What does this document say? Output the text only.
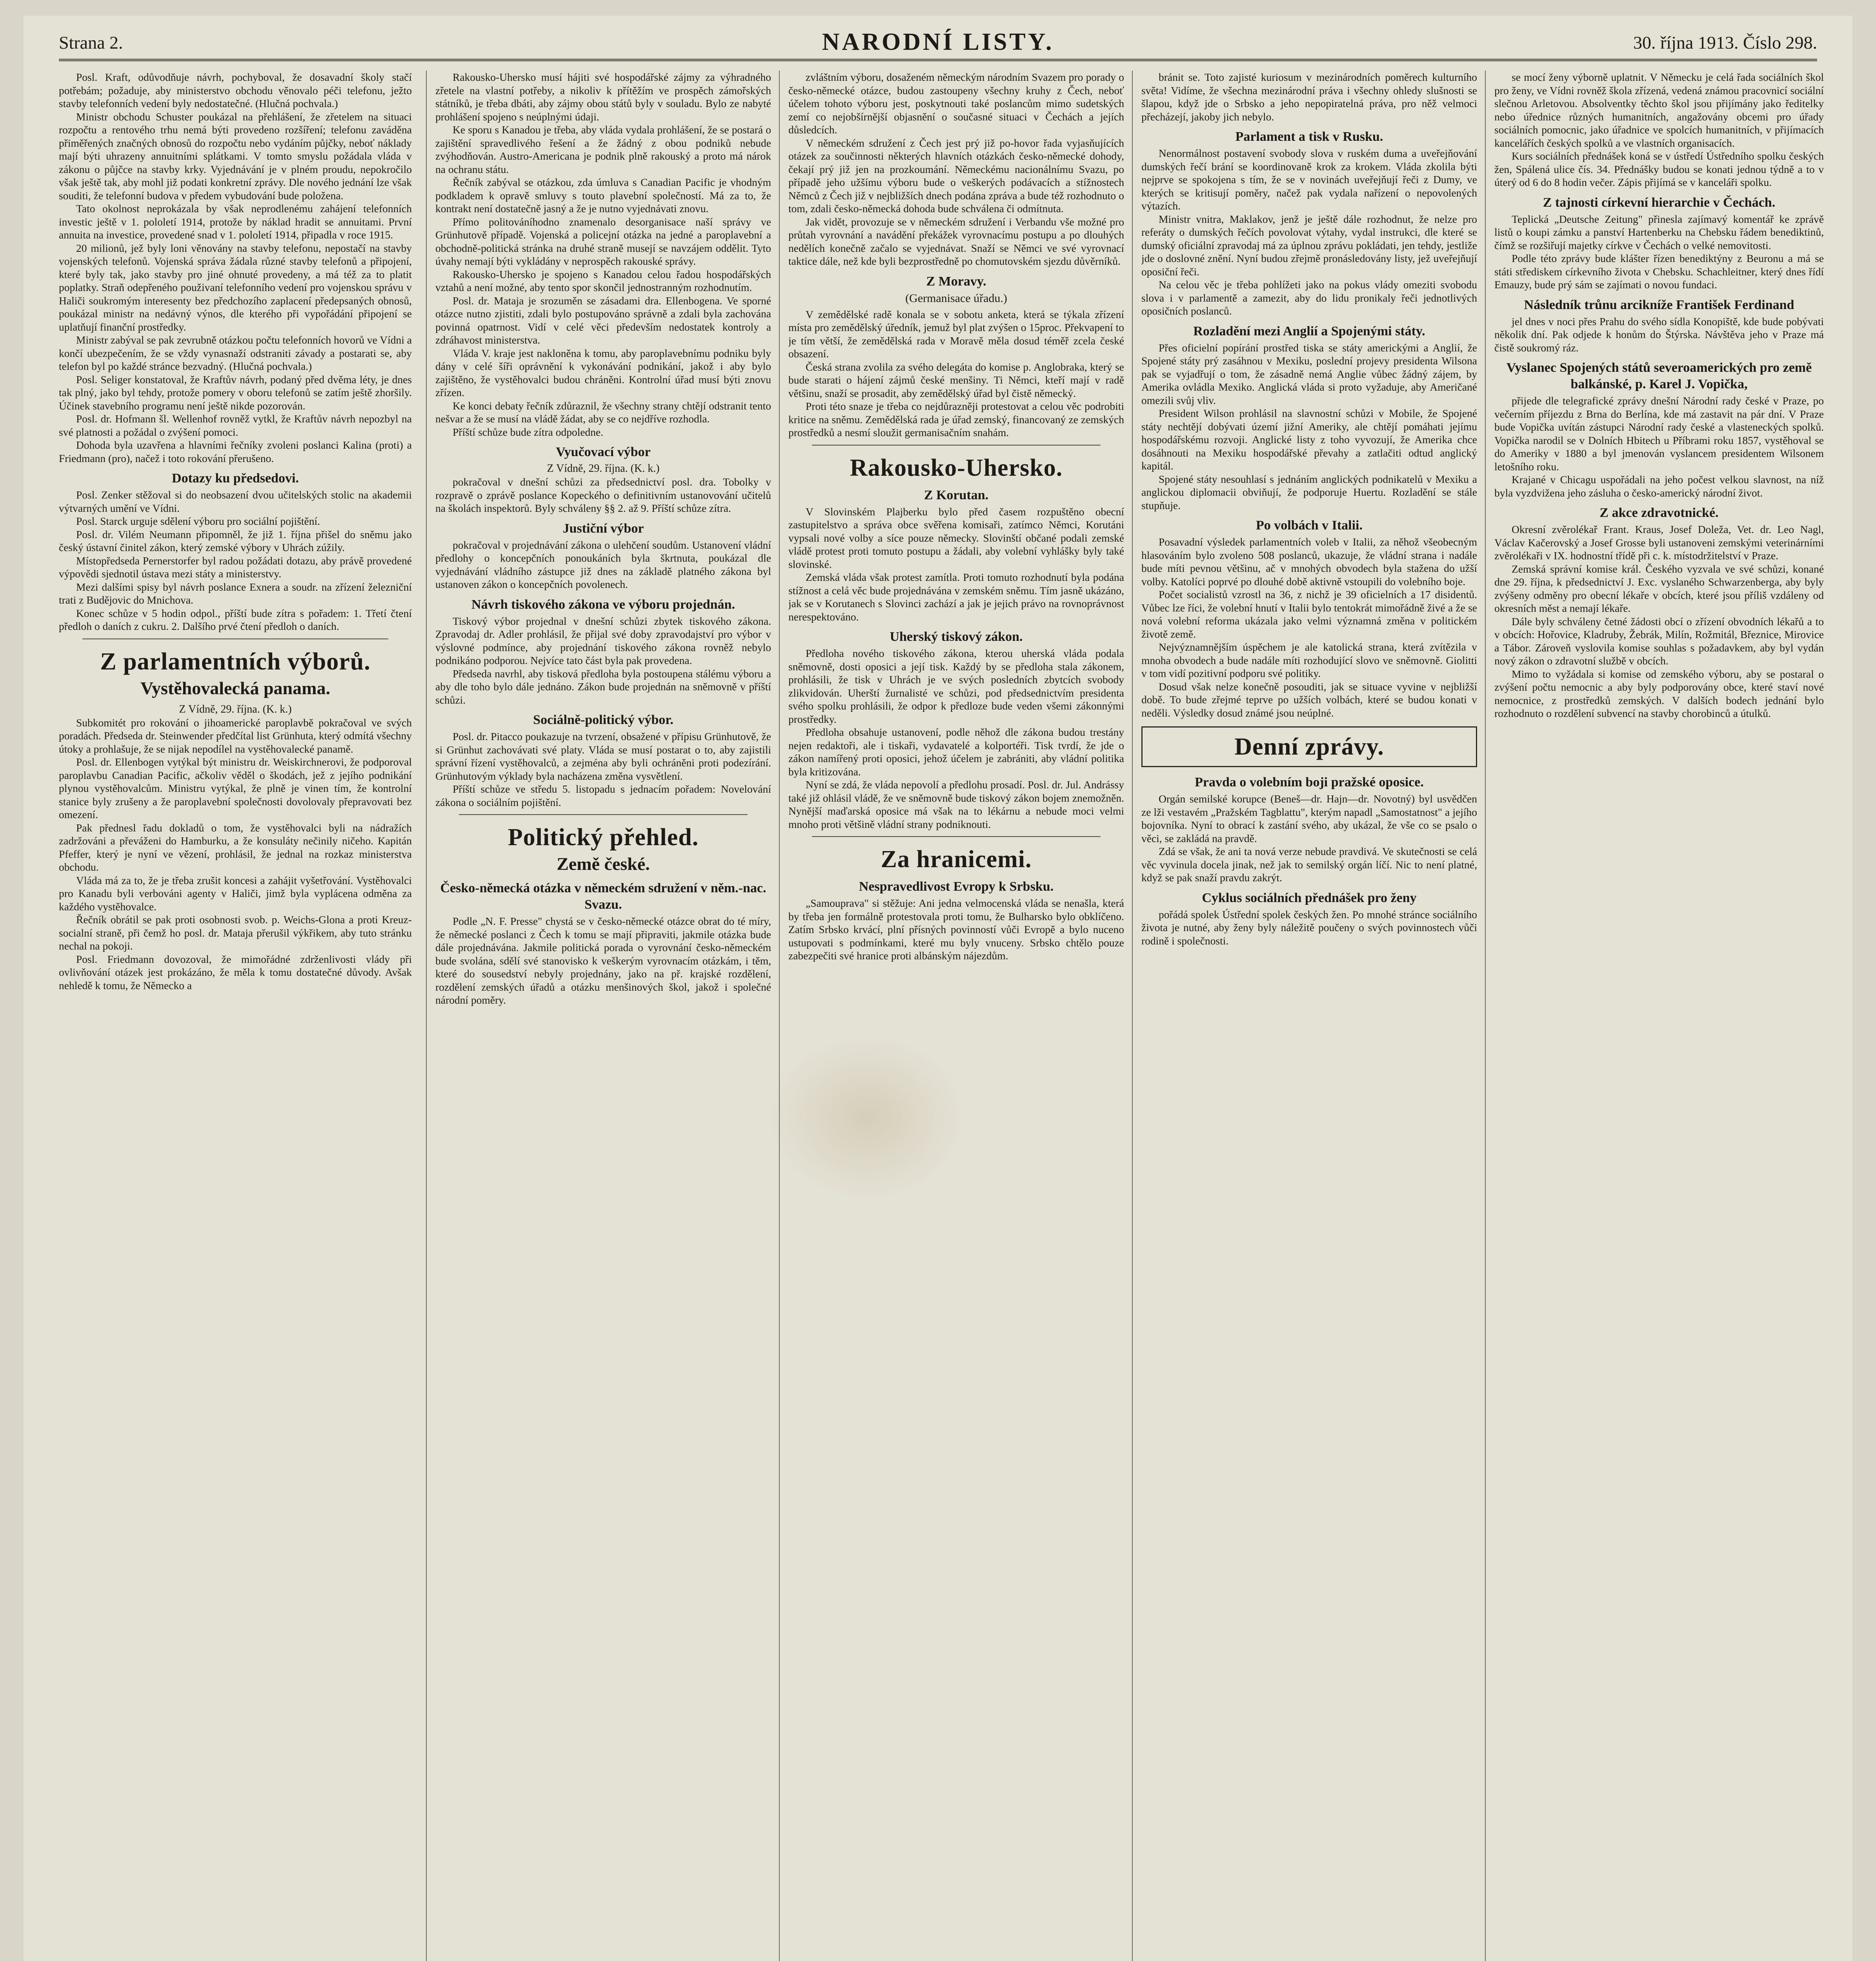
Strana 2.	NARODNÍ LISTY.	30. října 1913. Číslo 298.

Posl. Kraft, odůvodňuje návrh, pochyboval, že dosavadní školy stačí potřebám; požaduje, aby ministerstvo obchodu věnovalo péči telefonu, ježto stavby telefonních vedení byly nedostatečné. (Hlučná pochvala.)

Ministr obchodu Schuster poukázal na přehlášení, že zřetelem na situaci rozpočtu a rentového trhu nemá býti provedeno rozšíření; telefonu zaváděna přiměřených značných obnosů do rozpočtu nebo vydáním půjčky, neboť náklady mají býti uhrazeny annuitními splátkami. V tomto smyslu požádala vláda v zákonu o půjčce na stavby krky. Vyjednávání je v plném proudu, nepokročilo však ještě tak, aby mohl již podati konkretní zprávy. Dle nového jednání lze však souditi, že telefonní budova v předem vybudování bude položena.

Tato okolnost neprokázala by však neprodlenému zahájení telefonních investic ještě v 1. pololetí 1914, protože by náklad hradit se annuitami. První annuita na investice, provedené snad v 1. pololetí 1914, připadla v roce 1915.

20 milionů, jež byly loni věnovány na stavby telefonu, nepostačí na stavby vojenských telefonů. Vojenská správa žádala různé stavby telefonů a připojení, které byly tak, jako stavby pro jiné ohnuté provedeny, a má též za to platit poplatky. Straň odepřeného použivaní telefonního vedení pro vojenskou správu v Haliči soukromým interesenty bez předchozího zaplacení předepsaných obnosů, poukázal ministr na nedávný výnos, dle kterého při vypořádání připojení se uplatňují finanční prostředky.

Ministr zabýval se pak zevrubně otázkou počtu telefonních hovorů ve Vídni a končí ubezpečením, že se vždy vynasnaží odstraniti závady a postarati se, aby telefon byl po každé stránce bezvadný. (Hlučná pochvala.)

Posl. Seliger konstatoval, že Kraftův návrh, podaný před dvěma léty, je dnes tak plný, jako byl tehdy, protože pomery v oboru telefonů se zatím ještě zhoršily. Účinek stavebního programu není ještě nikde pozorován.

Posl. dr. Hofmann šl. Wellenhof rovněž vytkl, že Kraftův návrh nepozbyl na své platnosti a požádal o zvýšení pomoci.

Dohoda byla uzavřena a hlavními řečníky zvoleni poslanci Kalina (proti) a Friedmann (pro), načež i toto rokování přerušeno.

Dotazy ku předsedovi.

Posl. Zenker stěžoval si do neobsazení dvou učitelských stolic na akademii výtvarných umění ve Vídni.

Posl. Starck urguje sdělení výboru pro sociální pojištění.

Posl. dr. Vilém Neumann připomněl, že již 1. října přišel do sněmu jako český ústavní činitel zákon, který zemské výbory v Uhrách zúžily.

Místopředseda Pernerstorfer byl radou požádati dotazu, aby právě provedené výpovědi sjednotil ústava mezi státy a ministerstvy.

Mezi dalšími spisy byl návrh poslance Exnera a soudr. na zřízení železniční trati z Budějovic do Mnichova.

Konec schůze v 5 hodin odpol., příští bude zítra s pořadem: 1. Třetí čtení předloh o daních z cukru. 2. Dalšího prvé čtení předloh o daních.

Z parlamentních výborů.
Vystěhovalecká panama.
Z Vídně, 29. října. (K. k.)

Subkomitét pro rokování o jihoamerické paroplavbě pokračoval ve svých poradách. Předseda dr. Steinwender předčítal list Grünhuta, který odmítá všechny útoky a prohlašuje, že se nijak nepodílel na vystěhovalecké panamě.

Posl. dr. Ellenbogen vytýkal být ministru dr. Weiskirchnerovi, že podporoval paroplavbu Canadian Pacific, ačkoliv věděl o škodách, jež z jejího podnikání plynou vystěhovalcům. Ministru vytýkal, že plně je vinen tím, že kontrolní stanice byly zrušeny a že paroplavební společnosti dovolovaly přepravovati bez omezení.

Pak přednesl řadu dokladů o tom, že vystěhovalci byli na nádražích zadržováni a převáženi do Hamburku, a že konsuláty nečinily ničeho. Kapitán Pfeffer, který je nyní ve vězení, prohlásil, že jednal na rozkaz ministerstva obchodu.

Vláda má za to, že je třeba zrušit koncesi a zahájit vyšetřování. Vystěhovalci pro Kanadu byli verbováni agenty v Haliči, jimž byla vyplácena odměna za každého vystěhovalce.

Řečník obrátil se pak proti osobnosti svob. p. Weichs-Glona a proti Kreuz-socialní straně, při čemž ho posl. dr. Mataja přerušil výkřikem, aby tuto stránku nechal na pokoji.

Posl. Friedmann dovozoval, že mimořádné zdrženlivosti vlády při ovlivňování otázek jest prokázáno, že měla k tomu dostatečné důvody. Avšak nehledě k tomu, že Německo a

Rakousko-Uhersko musí hájiti své hospodářské zájmy za výhradného zřetele na vlastní potřeby, a nikoliv k přítěžím ve prospěch zámořských státníků, je třeba dbáti, aby zájmy obou států byly v souladu. Bylo ze nabyté prohlášení spojeno s neúplnými údaji.

Ke sporu s Kanadou je třeba, aby vláda vydala prohlášení, že se postará o zajištění spravedlivého řešení a že žádný z obou podniků nebude zvýhodňován. Austro-Americana je podnik plně rakouský a proto má nárok na ochranu státu.

Řečník zabýval se otázkou, zda úmluva s Canadian Pacific je vhodným podkladem k opravě smluvy s touto plavební společností. Má za to, že kontrakt není dostatečně jasný a že je nutno vyjednávati znovu.

Přímo politováníhodno znamenalo desorganisace naší správy ve Grünhutově případě. Vojenská a policejní otázka na jedné a paroplavební a obchodně-politická stránka na druhé straně musejí se navzájem oddělit. Tyto úvahy nemají býti vykládány v neprospěch rakouské správy.

Rakousko-Uhersko je spojeno s Kanadou celou řadou hospodářských vztahů a není možné, aby tento spor skončil jednostranným rozhodnutím.

Posl. dr. Mataja je srozuměn se zásadami dra. Ellenbogena. Ve sporné otázce nutno zjistiti, zdali bylo postupováno správně a zdali byla zachována povinná opatrnost. Vidí v celé věci především nedostatek kontroly a zdráhavost ministerstva.

Vláda V. kraje jest nakloněna k tomu, aby paroplavebnímu podniku byly dány v celé šíři oprávnění k vykonávání podnikání, jakož i aby bylo zajištěno, že vystěhovalci budou chráněni. Kontrolní úřad musí býti znovu zřízen.

Ke konci debaty řečník zdůraznil, že všechny strany chtějí odstranit tento nešvar a že se musí na vládě žádat, aby se co nejdříve rozhodla.

Příští schůze bude zítra odpoledne.

Vyučovací výbor
Z Vídně, 29. října. (K. k.)

pokračoval v dnešní schůzi za předsednictví posl. dra. Tobolky v rozpravě o zprávě poslance Kopeckého o definitivním ustanovování učitelů na školách inspektorů. Byly schváleny §§ 2. až 9. Příští schůze zítra.

Justiční výbor

pokračoval v projednávání zákona o ulehčení soudům. Ustanovení vládní předlohy o koncepčních ponoukáních byla škrtnuta, poukázal dle vyjednávání vládního zástupce již dnes na základě platného zákona byl ustanoven zákon o koncepčních povolenech.

Návrh tiskového zákona ve výboru projednán.

Tiskový výbor projednal v dnešní schůzi zbytek tiskového zákona. Zpravodaj dr. Adler prohlásil, že přijal své doby zpravodajství pro výbor v výslovné podmínce, aby projednání tiskového zákona rovněž nebylo podnikáno podporou. Nejvíce tato část byla pak provedena.

Předseda navrhl, aby tisková předloha byla postoupena stálému výboru a aby dle toho bylo dále jednáno. Zákon bude projednán na sněmovně v příští schůzi.

Sociálně-politický výbor.

Posl. dr. Pitacco poukazuje na tvrzení, obsažené v přípisu Grünhutově, že si Grünhut zachovávati své platy. Vláda se musí postarat o to, aby zajistili správní řízení vystěhovalců, a zejména aby byli ochráněni proti podezírání. Grünhutovým výklady byla nacházena změna vysvětlení.

Příští schůze ve středu 5. listopadu s jednacím pořadem: Novelování zákona o sociálním pojištění.

Politický přehled.
Země české.
Česko-německá otázka v německém sdružení v něm.-nac. Svazu.

Podle „N. F. Presse" chystá se v česko-německé otázce obrat do té míry, že německé poslanci z Čech k tomu se mají připraviti, jakmile otázka bude dále projednávána. Jakmile politická porada o vyrovnání česko-německém bude svolána, sdělí své stanovisko k veškerým vyrovnacím otázkám, i těm, které do sousedství nebyly projednány, jako na př. krajské rozdělení, rozdělení zemských úřadů a otázku menšinových škol, jakož i společné národní poměry.

zvláštním výboru, dosaženém německým národním Svazem pro porady o česko-německé otázce, budou zastoupeny všechny kruhy z Čech, neboť účelem tohoto výboru jest, poskytnouti také poslancům mimo sudetských zemí co nejobšírnější objasnění o současné situaci v Čechách a jejích důsledcích.

V německém sdružení z Čech jest prý již po-hovor řada vyjasňujících otázek za součinnosti některých hlavních otázkách česko-německé dohody, čekají prý již jen na prozkoumání. Německému nacionálnímu Svazu, po případě jeho užšímu výboru bude o veškerých podávacích a stížnostech Němců z Čech již v nejbližších dnech podána zpráva a bude též rozhodnuto o tom, zdali česko-německá dohoda bude schválena či odmítnuta.

Jak vidět, provozuje se v německém sdružení i Verbandu vše možné pro průtah vyrovnání a navádění překážek vyrovnacímu postupu a po dlouhých nedělích konečně začalo se vyjednávat. Snaží se Němci ve své vyrovnací taktice dále, než kde byli bezprostředně po chomutovském sjezdu důvěrníků.

Z Moravy.
(Germanisace úřadu.)

V zemědělské radě konala se v sobotu anketa, která se týkala zřízení místa pro zemědělský úředník, jemuž byl plat zvýšen o 15proc. Překvapení to je tím větší, že zemědělská rada v Moravě měla dosud téměř zcela české obsazení.

Česká strana zvolila za svého delegáta do komise p. Anglobraka, který se bude starati o hájení zájmů české menšiny. Ti Němci, kteří mají v radě většinu, snaží se prosadit, aby zemědělský úřad byl čistě německý.

Proti této snaze je třeba co nejdůrazněji protestovat a celou věc podrobiti kritice na sněmu. Zemědělská rada je úřad zemský, financovaný ze zemských prostředků a nesmí sloužit germanisačním snahám.

Rakousko-Uhersko.
Z Korutan.

V Slovinském Plajberku bylo před časem rozpuštěno obecní zastupitelstvo a správa obce svěřena komisaři, zatímco Němci, Korutáni vypsali nové volby a síce pouze německy. Slovinští občané podali zemské vládě protest proti tomuto postupu a žádali, aby volební vyhlášky byly také slovinské.

Zemská vláda však protest zamítla. Proti tomuto rozhodnutí byla podána stížnost a celá věc bude projednávána v zemském sněmu. Tím jasně ukázáno, jak se v Korutanech s Slovinci zachází a jak je jejich právo na rovnoprávnost nerespektováno.

Uherský tiskový zákon.

Předloha nového tiskového zákona, kterou uherská vláda podala sněmovně, dosti oposici a její tisk. Každý by se předloha stala zákonem, prohlásili, že tisk v Uhrách je ve svých posledních zbytcích svobody zlikvidován. Uherští žurnalisté ve schůzi, pod předsednictvím presidenta svého spolku prohlásili, že odpor k předloze bude veden všemi zákonnými prostředky.

Předloha obsahuje ustanovení, podle něhož dle zákona budou trestány nejen redaktoři, ale i tiskaři, vydavatelé a kolportéři. Tisk tvrdí, že jde o zákon namířený proti oposici, jehož účelem je zabrániti, aby vládní politika byla kritizována.

Nyní se zdá, že vláda nepovolí a předlohu prosadí. Posl. dr. Jul. Andrássy také již ohlásil vládě, že ve sněmovně bude tiskový zákon bojem znemožněn. Nynější maďarská oposice má však na to lékárnu a nebude moci velmi mnoho proti většině vládní strany podniknouti.

Za hranicemi.
Nespravedlivost Evropy k Srbsku.

„Samouprava" si stěžuje: Ani jedna velmocenská vláda se nenašla, která by třeba jen formálně protestovala proti tomu, že Bulharsko bylo obklíčeno. Zatím Srbsko krvácí, plní přísných povinností vůči Evropě a bylo nuceno ustupovati s podmínkami, které mu byly vnuceny. Srbsko chtělo pouze zabezpečiti své hranice proti albánským nájezdům.

bránit se. Toto zajisté kuriosum v mezinárodních poměrech kulturního světa! Vidíme, že všechna mezinárodní práva i všechny ohledy slušnosti se šlapou, když jde o Srbsko a jeho nepopiratelná práva, pro něž velmoci přecházejí, jakoby jich nebylo.

Parlament a tisk v Rusku.

Nenormálnost postavení svobody slova v ruském duma a uveřejňování dumských řečí brání se koordinovaně krok za krokem. Vláda zkolila býti nejprve se spokojena s tím, že se v novinách uveřejňují řeči z Dumy, ve kterých se kritisují poměry, načež pak vydala nařízení o nepovolených výtazích.

Ministr vnitra, Maklakov, jenž je ještě dále rozhodnut, že nelze pro referáty o dumských řečích povolovat výtahy, vydal instrukci, dle které se dumský oficiální zpravodaj má za úplnou zprávu pokládati, jen tehdy, jestliže jde o doslovné znění. Nyní budou zřejmě pronásledovány listy, jež uveřejňují oposiční řeči.

Na celou věc je třeba pohlížeti jako na pokus vlády omeziti svobodu slova i v parlamentě a zamezit, aby do lidu pronikaly řeči jednotlivých oposičních poslanců.

Rozladění mezi Anglií a Spojenými státy.

Přes oficielní popírání prostřed tiska se státy americkými a Anglií, že Spojené státy prý zasáhnou v Mexiku, poslední projevy presidenta Wilsona pak se vyjadřují o tom, že zásadně nemá Anglie vůbec žádný zájem, by Amerika ovládla Mexiko. Anglická vláda si proto vyžaduje, aby Američané omezili svůj vliv.

President Wilson prohlásil na slavnostní schůzi v Mobile, že Spojené státy nechtějí dobývati území jižní Ameriky, ale chtějí pomáhati jejímu hospodářskému rozvoji. Anglické listy z toho vyvozují, že Amerika chce dosáhnouti na Mexiku hospodářské převahy a zatlačiti odtud anglický kapitál.

Spojené státy nesouhlasí s jednáním anglických podnikatelů v Mexiku a anglickou diplomacii obviňují, že podporuje Huertu. Rozladění se stále stupňuje.

Po volbách v Italii.

Posavadní výsledek parlamentních voleb v Italii, za něhož všeobecným hlasováním bylo zvoleno 508 poslanců, ukazuje, že vládní strana i nadále bude míti pevnou většinu, ač v mnohých obvodech byla stažena do užší volby. Katolíci poprvé po dlouhé době aktivně vstoupili do volebního boje.

Počet socialistů vzrostl na 36, z nichž je 39 oficielních a 17 disidentů. Vůbec lze říci, že volební hnutí v Italii bylo tentokrát mimořádně živé a že se nová volební reforma ukázala jako velmi významná změna v politickém životě země.

Nejvýznamnějším úspěchem je ale katolická strana, která zvítězila v mnoha obvodech a bude nadále míti rozhodující slovo ve sněmovně. Giolitti v tom vidí pozitivní podporu své politiky.

Dosud však nelze konečně posouditi, jak se situace vyvine v nejbližší době. To bude zřejmé teprve po užších volbách, které se budou konati v neděli. Výsledky dosud známé jsou neúplné.

Denní zprávy.
Pravda o volebním boji pražské oposice.

Orgán semilské korupce (Beneš—dr. Hajn—dr. Novotný) byl usvědčen ze lži vestavém „Pražském Tagblattu", kterým napadl „Samostatnost" a jejího bojovníka. Nyní to obrací k zastání svého, aby ukázal, že vše co se psalo o věci, se zakládá na pravdě.

Zdá se však, že ani ta nová verze nebude pravdivá. Ve skutečnosti se celá věc vyvinula docela jinak, než jak to semilský orgán líčí. Nic to není platné, když se pak snaží pravdu zakrýt.

Cyklus sociálních přednášek pro ženy

pořádá spolek Ústřední spolek českých žen. Po mnohé stránce sociálního života je nutné, aby ženy byly náležitě poučeny o svých povinnostech vůči rodině i společnosti.

se mocí ženy výborně uplatnit. V Německu je celá řada sociálních škol pro ženy, ve Vídni rovněž škola zřízená, vedená známou pracovnicí sociální slečnou Arletovou. Absolventky těchto škol jsou přijímány jako ředitelky nebo úřednice různých humanitních, angažovány obcemi pro úřady sociálních pomocnic, jako úřadnice ve spolcích humanitních, v přijímacích kancelářích českých spolků a ve vlastních organisacích.

Kurs sociálních přednášek koná se v ústředí Ústředního spolku českých žen, Spálená ulice čís. 34. Přednášky budou se konati jednou týdně a to v úterý od 6 do 8 hodin večer. Zápis přijímá se v kanceláři spolku.

Z tajnosti církevní hierarchie v Čechách.

Teplická „Deutsche Zeitung" přinesla zajímavý komentář ke zprávě listů o koupi zámku a panství Hartenberku na Chebsku řádem benediktinů, čímž se rozšiřují majetky církve v Čechách o velké nemovitosti.

Podle této zprávy bude klášter řízen benediktýny z Beuronu a má se státi střediskem církevního života v Chebsku. Schachleitner, který dnes řídí Emauzy, bude prý sám se zajímati o novou fundaci.

Následník trůnu arcikníže František Ferdinand

jel dnes v noci přes Prahu do svého sídla Konopiště, kde bude pobývati několik dní. Pak odjede k honům do Štýrska. Návštěva jeho v Praze má čistě soukromý ráz.

Vyslanec Spojených států severoamerických pro země balkánské, p. Karel J. Vopička,

přijede dle telegrafické zprávy dnešní Národní rady české v Praze, po večerním příjezdu z Brna do Berlína, kde má zastavit na pár dní. V Praze bude Vopička uvítán zástupci Národní rady české a vlasteneckých spolků. Vopička narodil se v Dolních Hbitech u Příbrami roku 1857, vystěhoval se do Ameriky v 1880 a byl jmenován vyslancem presidentem Wilsonem letošního roku.

Krajané v Chicagu uspořádali na jeho počest velkou slavnost, na níž byla vyzdvižena jeho zásluha o česko-americký národní život.

Z akce zdravotnické.

Okresní zvěrolékař Frant. Kraus, Josef Doleža, Vet. dr. Leo Nagl, Václav Kačerovský a Josef Grosse byli ustanoveni zemskými veterinárními zvěrolékaři v IX. hodnostní třídě při c. k. místodržitelství v Praze.

Zemská správní komise král. Českého vyzvala ve své schůzi, konané dne 29. října, k předsednictví J. Exc. vyslaného Schwarzenberga, aby byly zvýšeny odměny pro obecní lékaře v obcích, které jsou příliš vzdáleny od okresních měst a nemají lékaře.

Dále byly schváleny četné žádosti obcí o zřízení obvodních lékařů a to v obcích: Hořovice, Kladruby, Žebrák, Milín, Rožmitál, Březnice, Mirovice a Tábor. Zároveň vyslovila komise souhlas s požadavkem, aby byl vydán nový zákon o zdravotní službě v obcích.

Mimo to vyžádala si komise od zemského výboru, aby se postaral o zvýšení počtu nemocnic a aby byly podporovány obce, které staví nové nemocnice, z prostředků zemských. V dalších bodech jednání bylo rozhodnuto o rozdělení subvencí na stavby chorobinců a útulků.
